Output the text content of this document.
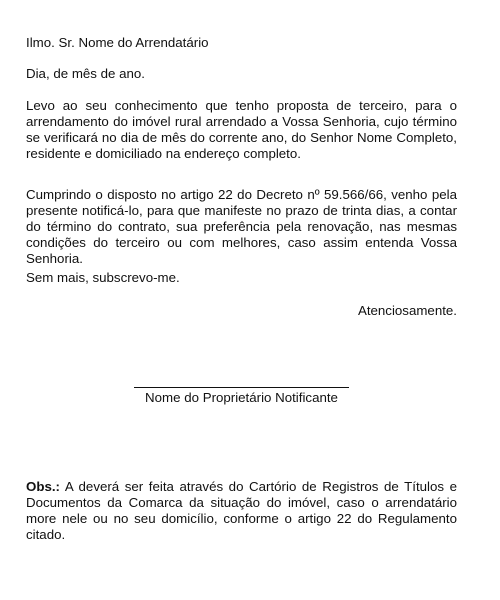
Ilmo. Sr. Nome do Arrendatário

Dia, de mês de ano.

Levo ao seu conhecimento que tenho proposta de terceiro, para o arrendamento do imóvel rural arrendado a Vossa Senhoria, cujo término se verificará no dia de mês do corrente ano, do Senhor Nome Completo, residente e domiciliado na endereço completo.

Cumprindo o disposto no artigo 22 do Decreto nº 59.566/66, venho pela presente notificá-lo, para que manifeste no prazo de trinta dias, a contar do término do contrato, sua preferência pela renovação, nas mesmas condições do terceiro ou com melhores, caso assim entenda Vossa Senhoria.

Sem mais, subscrevo-me.

Atenciosamente.

Nome do Proprietário Notificante

Obs.: A deverá ser feita através do Cartório de Registros de Títulos e Documentos da Comarca da situação do imóvel, caso o arrendatário more nele ou no seu domicílio, conforme o artigo 22 do Regulamento citado.
